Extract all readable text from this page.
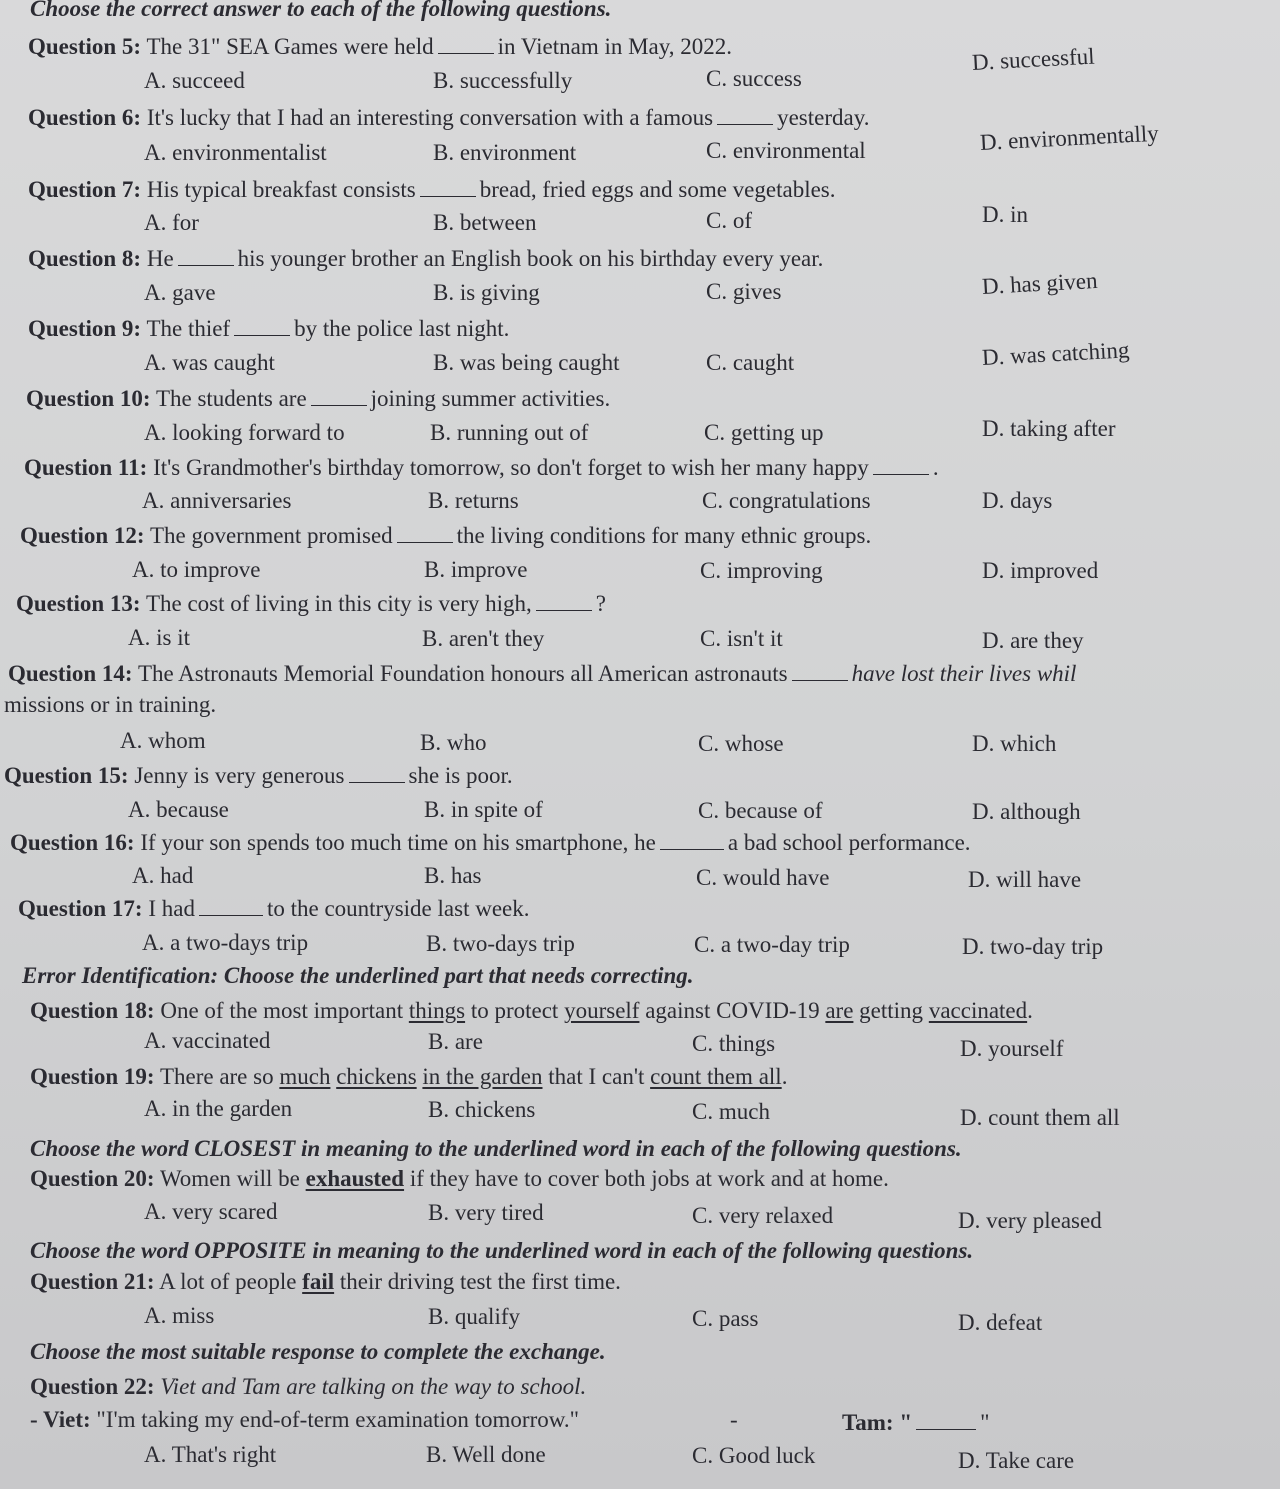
Choose the correct answer to each of the following questions.
Question 5: The 31" SEA Games were held	in Vietnam in May, 2022.
A. succeed	B. successfully	C. success
D. successful
Question 6: It's lucky that I had an interesting conversation with a famous	yesterday.
A. environmentalist	B. environment	C. environmental	D. environmentally
Question 7: His typical breakfast consists	bread, fried eggs and some vegetables.
A. for	B. between	C. of	D. in
Question 8: He	his younger brother an English book on his birthday every year.
A. gave	B. is giving	C. gives	D. has given
Question 9: The thief	by the police last night.
A. was caught	B. was being caught	C. caught	D. was catching
Question 10: The students are	joining summer activities.
A. looking forward to	B. running out of	C. getting up	D. taking after
Question 11: It's Grandmother's birthday tomorrow, so don't forget to wish her many happy	.
A. anniversaries	B. returns	C. congratulations	D. days
Question 12: The government promised	the living conditions for many ethnic groups.
A. to improve	B. improve	C. improving	D. improved
Question 13: The cost of living in this city is very high,	?
A. is it	B. aren't they	C. isn't it	D. are they
Question 14: The Astronauts Memorial Foundation honours all American astronauts	have lost their lives whil
missions or in training.
A. whom	B. who	C. whose	D. which
Question 15: Jenny is very generous	she is poor.
A. because	B. in spite of	C. because of	D. although
Question 16: If your son spends too much time on his smartphone, he	a bad school performance.
A. had	B. has	C. would have	D. will have
Question 17: I had	to the countryside last week.
A. a two-days trip	B. two-days trip	C. a two-day trip	D. two-day trip
Error Identification: Choose the underlined part that needs correcting.
Question 18: One of the most important things to protect yourself against COVID-19 are getting vaccinated.
A. vaccinated	B. are	C. things	D. yourself
Question 19: There are so much chickens in the garden that I can't count them all.
A. in the garden	B. chickens	C. much	D. count them all
Choose the word CLOSEST in meaning to the underlined word in each of the following questions.
Question 20: Women will be exhausted if they have to cover both jobs at work and at home.
A. very scared	B. very tired	C. very relaxed	D. very pleased
Choose the word OPPOSITE in meaning to the underlined word in each of the following questions.
Question 21: A lot of people fail their driving test the first time.
A. miss	B. qualify	C. pass	D. defeat
Choose the most suitable response to complete the exchange.
Question 22: Viet and Tam are talking on the way to school.
- Viet: "I'm taking my end-of-term examination tomorrow."	-	Tam: "	"
A. That's right	B. Well done	C. Good luck	D. Take care
